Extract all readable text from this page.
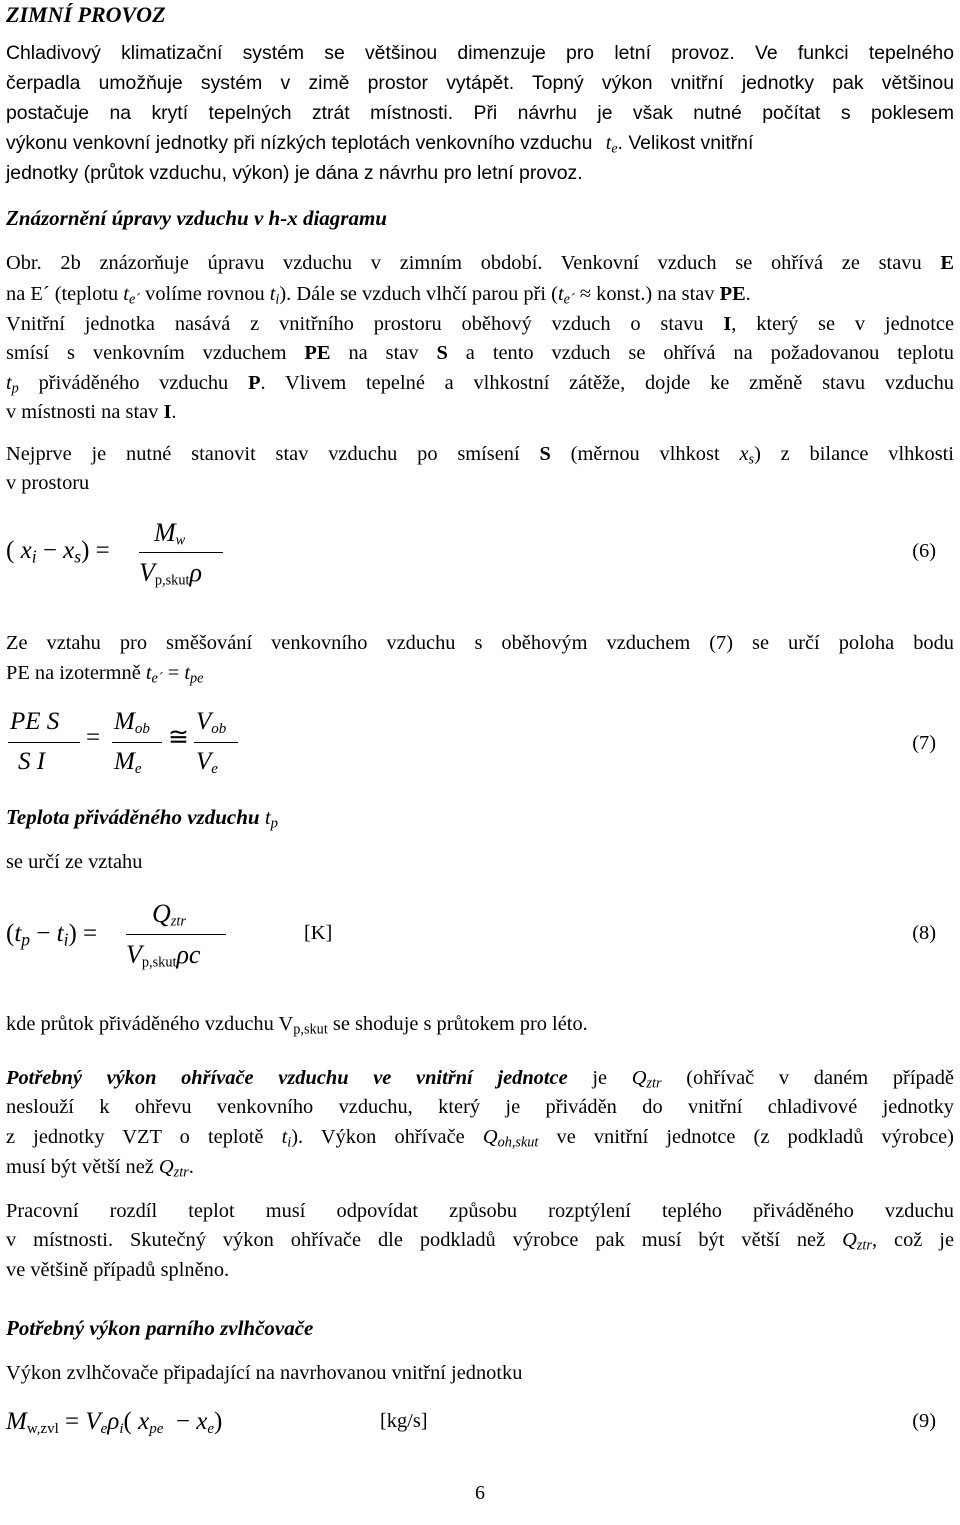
ZIMNÍ PROVOZ
Chladivový klimatizační systém se většinou dimenzuje pro letní provoz. Ve funkci tepelného
čerpadla umožňuje systém v zimě prostor vytápět. Topný výkon vnitřní jednotky pak většinou
postačuje na krytí tepelných ztrát místnosti. Při návrhu je však nutné počítat s poklesem
výkonu venkovní jednotky při nízkých teplotách venkovního vzduchu $t_e$. Velikost vnitřní
jednotky (průtok vzduchu, výkon) je dána z návrhu pro letní provoz.
Znázornění úpravy vzduchu v h-x diagramu
Obr. 2b znázorňuje úpravu vzduchu v zimním období. Venkovní vzduch se ohřívá ze stavu E
na E´ (teplotu $t_{e´}$ volíme rovnou $t_i$). Dále se vzduch vlhčí parou při ($t_{e´}$ ≈ konst.) na stav PE.
Vnitřní jednotka nasává z vnitřního prostoru oběhový vzduch o stavu I, který se v jednotce
smísí s venkovním vzduchem PE na stav S a tento vzduch se ohřívá na požadovanou teplotu
$t_p$ přiváděného vzduchu P. Vlivem tepelné a vlhkostní zátěže, dojde ke změně stavu vzduchu
v místnosti na stav I.
Nejprve je nutné stanovit stav vzduchu po smísení S (měrnou vlhkost $x_s$) z bilance vlhkosti
v prostoru
( $x_i - x_s$) =
$M_w$
$V_{p,skut}\rho$
(6)
Ze vztahu pro směšování venkovního vzduchu s oběhovým vzduchem (7) se určí poloha bodu
PE na izotermně $t_{e´} = t_{pe}$
PE S
S I
=
$M_{ob}$
$M_e$
≅
$V_{ob}$
$V_e$
(7)
Teplota přiváděného vzduchu $t_p$
se určí ze vztahu
$(t_p - t_i)$ =
$Q_{ztr}$
$V_{p,skut}\rho c$
[K]	(8)
kde průtok přiváděného vzduchu $V_{p,skut}$ se shoduje s průtokem pro léto.
Potřebný výkon ohřívače vzduchu ve vnitřní jednotce je $Q_{ztr}$ (ohřívač v daném případě
neslouží k ohřevu venkovního vzduchu, který je přiváděn do vnitřní chladivové jednotky
z jednotky VZT o teplotě $t_i$). Výkon ohřívače $Q_{oh,skut}$ ve vnitřní jednotce (z podkladů výrobce)
musí být větší než $Q_{ztr}$.
Pracovní rozdíl teplot musí odpovídat způsobu rozptýlení teplého přiváděného vzduchu
v místnosti. Skutečný výkon ohřívače dle podkladů výrobce pak musí být větší než $Q_{ztr}$, což je
ve většině případů splněno.
Potřebný výkon parního zvlhčovače
Výkon zvlhčovače připadající na navrhovanou vnitřní jednotku
$M_{w,zvl} = V_e\rho_i$( $x_{pe} - x_e$)	[kg/s]	(9)
6
